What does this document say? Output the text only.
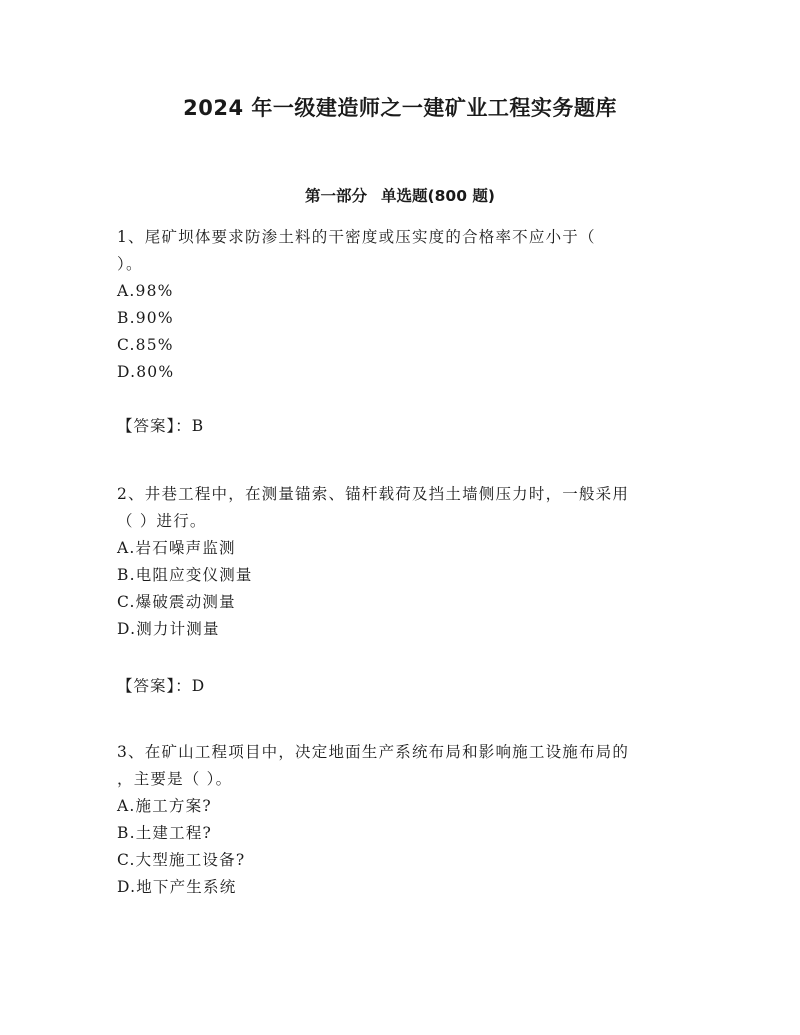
2024 年一级建造师之一建矿业工程实务题库
第一部分 单选题(800 题)
1、尾矿坝体要求防渗土料的干密度或压实度的合格率不应小于（
）。
A.98%
B.90%
C.85%
D.80%
【答案】：B
2、井巷工程中，在测量锚索、锚杆载荷及挡土墙侧压力时，一般采用
（ ）进行。
A.岩石噪声监测
B.电阻应变仪测量
C.爆破震动测量
D.测力计测量
【答案】：D
3、在矿山工程项目中，决定地面生产系统布局和影响施工设施布局的
，主要是（ ）。
A.施工方案?
B.土建工程?
C.大型施工设备?
D.地下产生系统
